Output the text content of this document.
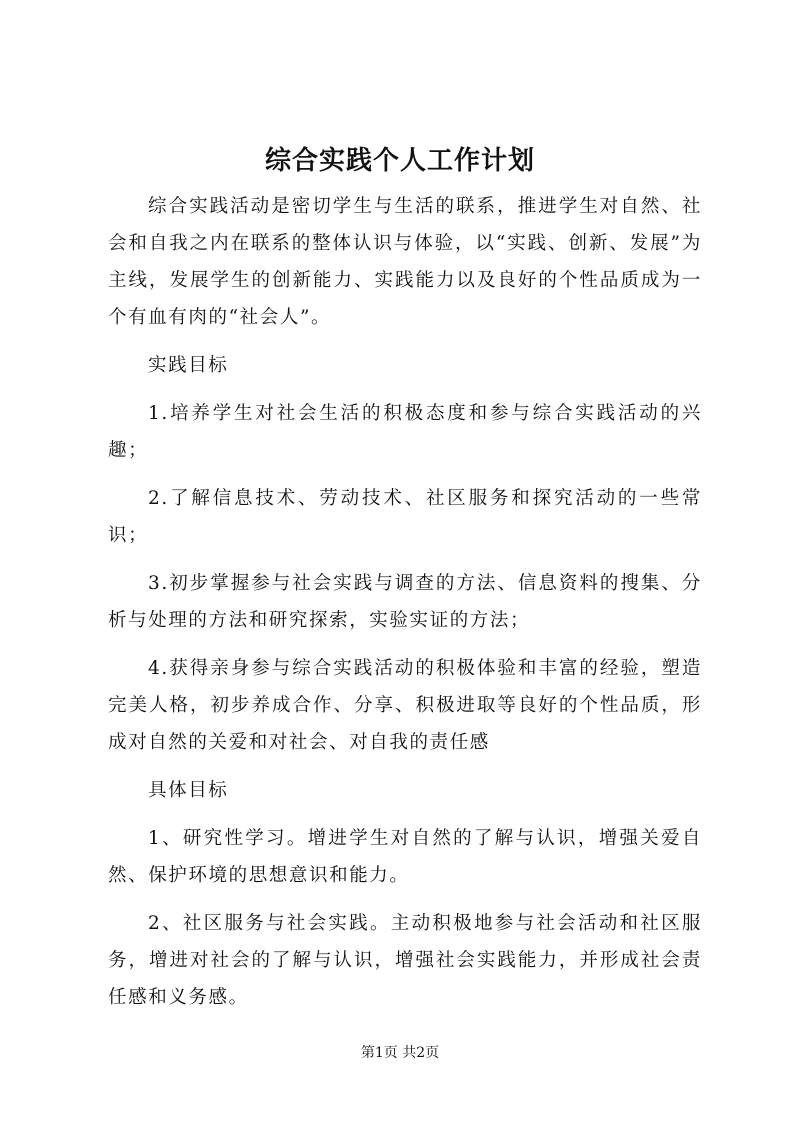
综合实践个人工作计划

综合实践活动是密切学生与生活的联系，推进学生对自然、社会和自我之内在联系的整体认识与体验，以“实践、创新、发展”为主线，发展学生的创新能力、实践能力以及良好的个性品质成为一个有血有肉的“社会人”。

实践目标

1.培养学生对社会生活的积极态度和参与综合实践活动的兴趣；

2.了解信息技术、劳动技术、社区服务和探究活动的一些常识；

3.初步掌握参与社会实践与调查的方法、信息资料的搜集、分析与处理的方法和研究探索，实验实证的方法；

4.获得亲身参与综合实践活动的积极体验和丰富的经验，塑造完美人格，初步养成合作、分享、积极进取等良好的个性品质，形成对自然的关爱和对社会、对自我的责任感

具体目标

1、研究性学习。增进学生对自然的了解与认识，增强关爱自然、保护环境的思想意识和能力。

2、社区服务与社会实践。主动积极地参与社会活动和社区服务，增进对社会的了解与认识，增强社会实践能力，并形成社会责任感和义务感。

第1页 共2页
